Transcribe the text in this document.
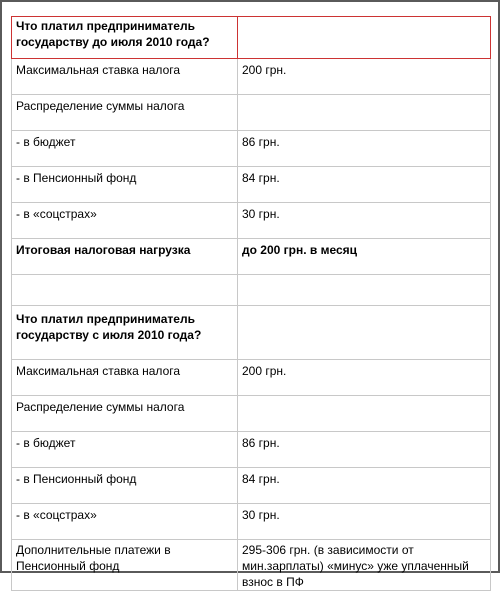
Что платил предприниматель государству до июля 2010 года?	
Максимальная ставка налога	200 грн.
Распределение суммы налога	
- в бюджет	86 грн.
- в Пенсионный фонд	84 грн.
- в «соцстрах»	30 грн.
Итоговая налоговая нагрузка	до 200 грн. в месяц

Что платил предприниматель государству с июля 2010 года?	
Максимальная ставка налога	200 грн.
Распределение суммы налога	
- в бюджет	86 грн.
- в Пенсионный фонд	84 грн.
- в «соцстрах»	30 грн.
Дополнительные платежи в Пенсионный фонд	295-306 грн. (в зависимости от мин.зарплаты) «минус» уже уплаченный взнос в ПФ
